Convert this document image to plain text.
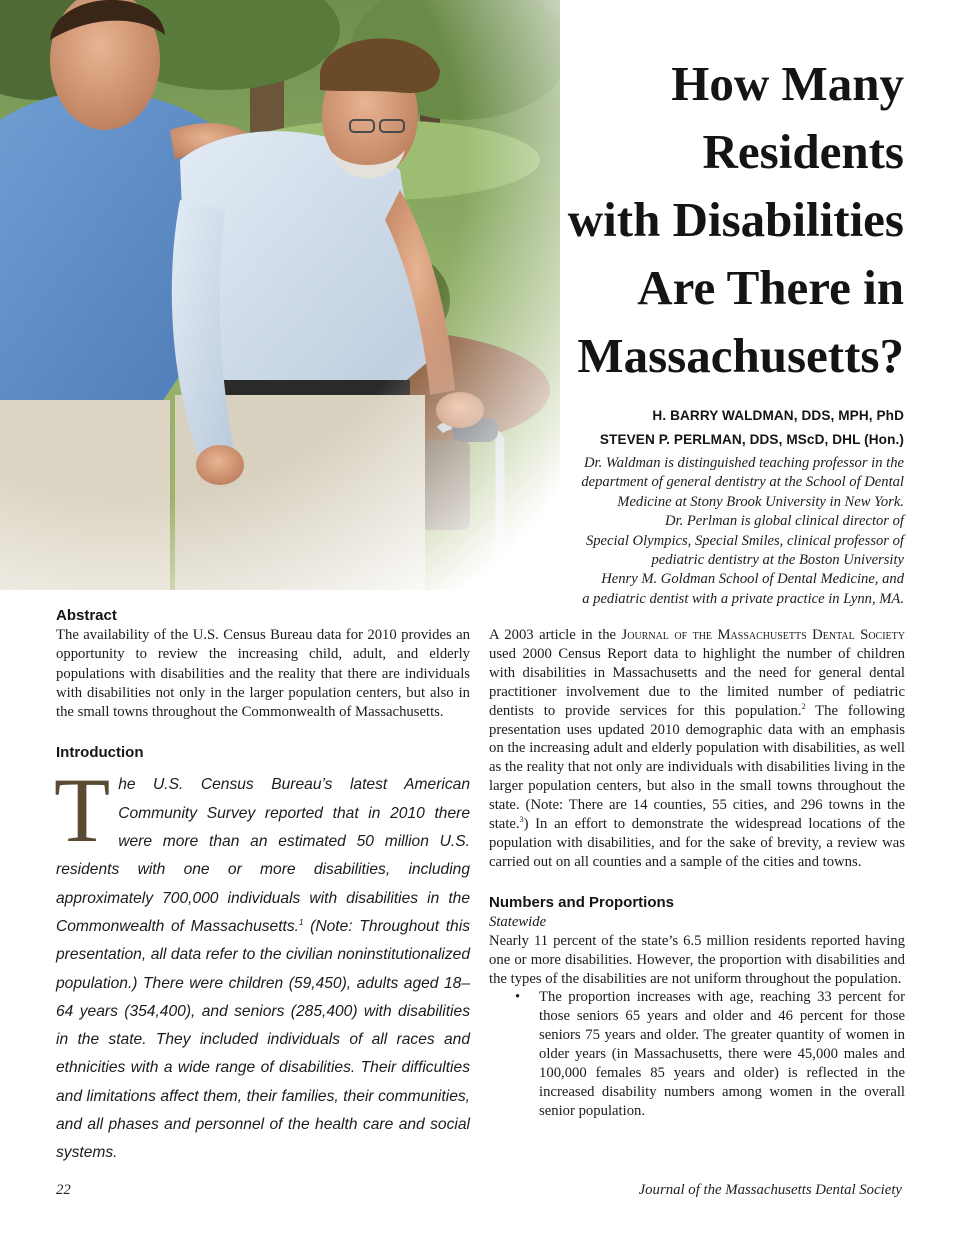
How Many
Residents
with Disabilities
Are There in
Massachusetts?
H. BARRY WALDMAN, DDS, MPH, PhD
STEVEN P. PERLMAN, DDS, MScD, DHL (Hon.)
Dr. Waldman is distinguished teaching professor in the
department of general dentistry at the School of Dental
Medicine at Stony Brook University in New York.
Dr. Perlman is global clinical director of
Special Olympics, Special Smiles, clinical professor of
pediatric dentistry at the Boston University
Henry M. Goldman School of Dental Medicine, and
a pediatric dentist with a private practice in Lynn, MA.
Abstract

The availability of the U.S. Census Bureau data for 2010 provides an opportunity to review the increasing child, adult, and elderly populations with disabilities and the reality that there are individuals with disabilities not only in the larger population centers, but also in the small towns throughout the Commonwealth of Massachusetts.

Introduction

The U.S. Census Bureau’s latest American Community Survey reported that in 2010 there were more than an estimated 50 million U.S. residents with one or more disabilities, including approximately 700,000 individuals with disabilities in the Commonwealth of Massachusetts.$^1$ (Note: Throughout this presentation, all data refer to the civilian noninstitutionalized population.) There were children (59,450), adults aged 18–64 years (354,400), and seniors (285,400) with disabilities in the state. They included individuals of all races and ethnicities with a wide range of disabilities. Their difficulties and limitations affect them, their families, their communities, and all phases and personnel of the health care and social systems.

A 2003 article in the Journal of the Massachusetts Dental Society used 2000 Census Report data to highlight the number of children with disabilities in Massachusetts and the need for general dental practitioner involvement due to the limited number of pediatric dentists to provide services for this population.$^2$ The following presentation uses updated 2010 demographic data with an emphasis on the increasing adult and elderly population with disabilities, as well as the reality that not only are individuals with disabilities living in the larger population centers, but also in the small towns throughout the state. (Note: There are 14 counties, 55 cities, and 296 towns in the state.$^3$) In an effort to demonstrate the widespread locations of the population with disabilities, and for the sake of brevity, a review was carried out on all counties and a sample of the cities and towns.

Numbers and Proportions
Statewide

Nearly 11 percent of the state’s 6.5 million residents reported having one or more disabilities. However, the proportion with disabilities and the types of the disabilities are not uniform throughout the population.

• The proportion increases with age, reaching 33 percent for those seniors 65 years and older and 46 percent for those seniors 75 years and older. The greater quantity of women in older years (in Massachusetts, there were 45,000 males and 100,000 females 85 years and older) is reflected in the increased disability numbers among women in the overall senior population.
22	Journal of the Massachusetts Dental Society
